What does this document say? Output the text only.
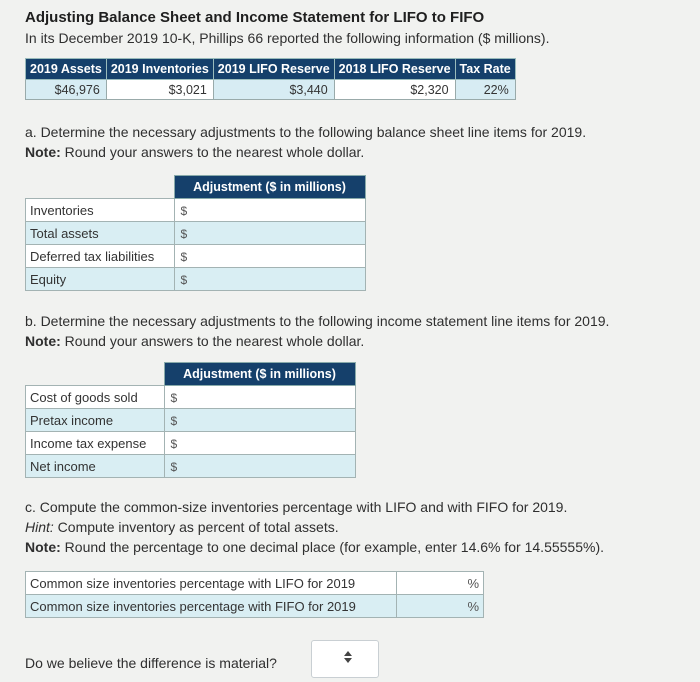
Adjusting Balance Sheet and Income Statement for LIFO to FIFO
In its December 2019 10-K, Phillips 66 reported the following information ($ millions).
2019 Assets	2019 Inventories	2019 LIFO Reserve	2018 LIFO Reserve	Tax Rate
$46,976	$3,021	$3,440	$2,320	22%
a. Determine the necessary adjustments to the following balance sheet line items for 2019.
Note: Round your answers to the nearest whole dollar.
	Adjustment ($ in millions)
Inventories	$
Total assets	$
Deferred tax liabilities	$
Equity	$
b. Determine the necessary adjustments to the following income statement line items for 2019.
Note: Round your answers to the nearest whole dollar.
	Adjustment ($ in millions)
Cost of goods sold	$
Pretax income	$
Income tax expense	$
Net income	$
c. Compute the common-size inventories percentage with LIFO and with FIFO for 2019.
Hint: Compute inventory as percent of total assets.
Note: Round the percentage to one decimal place (for example, enter 14.6% for 14.55555%).
Common size inventories percentage with LIFO for 2019	%
Common size inventories percentage with FIFO for 2019	%
Do we believe the difference is material?
